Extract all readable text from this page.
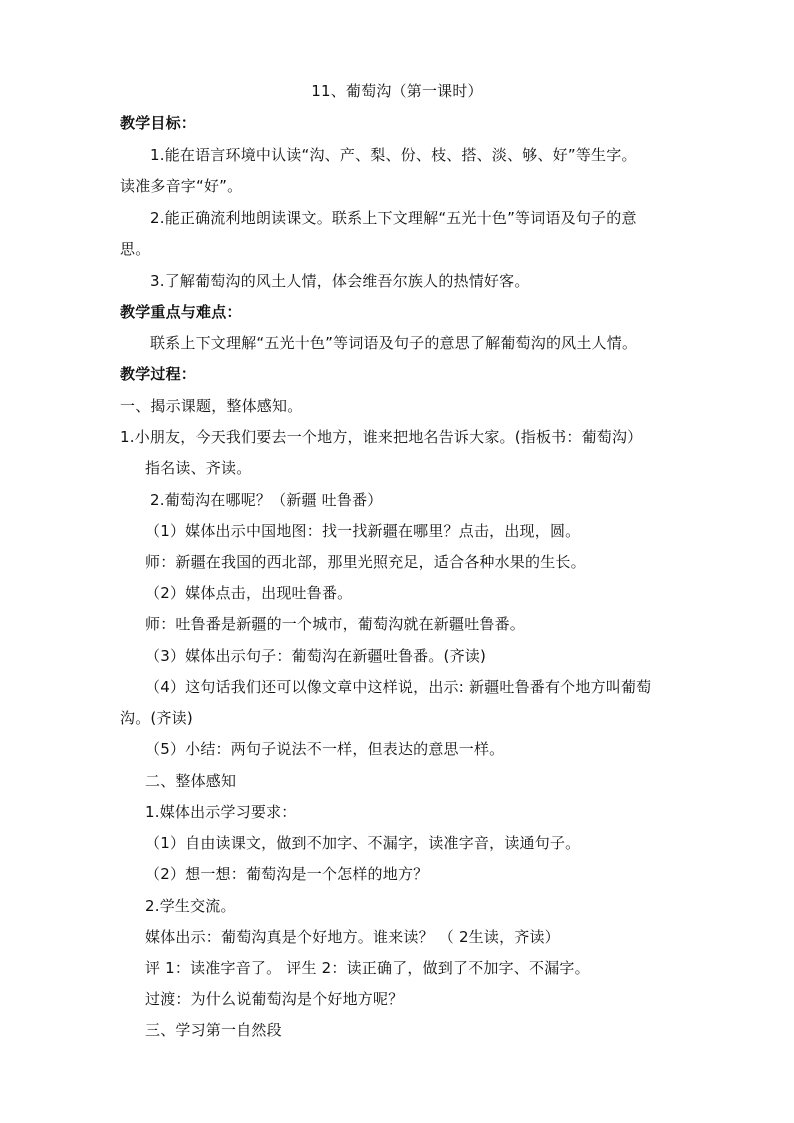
11、葡萄沟（第一课时）
教学目标：
1.能在语言环境中认读“沟、产、梨、份、枝、搭、淡、够、好”等生字。
读准多音字“好”。
2.能正确流利地朗读课文。联系上下文理解“五光十色”等词语及句子的意
思。
3.了解葡萄沟的风土人情，体会维吾尔族人的热情好客。
教学重点与难点：
联系上下文理解“五光十色”等词语及句子的意思了解葡萄沟的风土人情。
教学过程：
一、揭示课题，整体感知。
1.小朋友，今天我们要去一个地方，谁来把地名告诉大家。(指板书：葡萄沟）
指名读、齐读。
2.葡萄沟在哪呢？（新疆 吐鲁番）
（1）媒体出示中国地图：找一找新疆在哪里？点击，出现，圆。
师：新疆在我国的西北部，那里光照充足，适合各种水果的生长。
（2）媒体点击，出现吐鲁番。
师：吐鲁番是新疆的一个城市，葡萄沟就在新疆吐鲁番。
（3）媒体出示句子：葡萄沟在新疆吐鲁番。(齐读)
（4）这句话我们还可以像文章中这样说，出示: 新疆吐鲁番有个地方叫葡萄
沟。(齐读)
（5）小结：两句子说法不一样，但表达的意思一样。
二、整体感知
1.媒体出示学习要求：
（1）自由读课文，做到不加字、不漏字，读准字音，读通句子。
（2）想一想：葡萄沟是一个怎样的地方？
2.学生交流。
媒体出示：葡萄沟真是个好地方。谁来读？ （ 2生读，齐读）
评 1：读准字音了。 评生 2：读正确了，做到了不加字、不漏字。
过渡：为什么说葡萄沟是个好地方呢？
三、学习第一自然段
